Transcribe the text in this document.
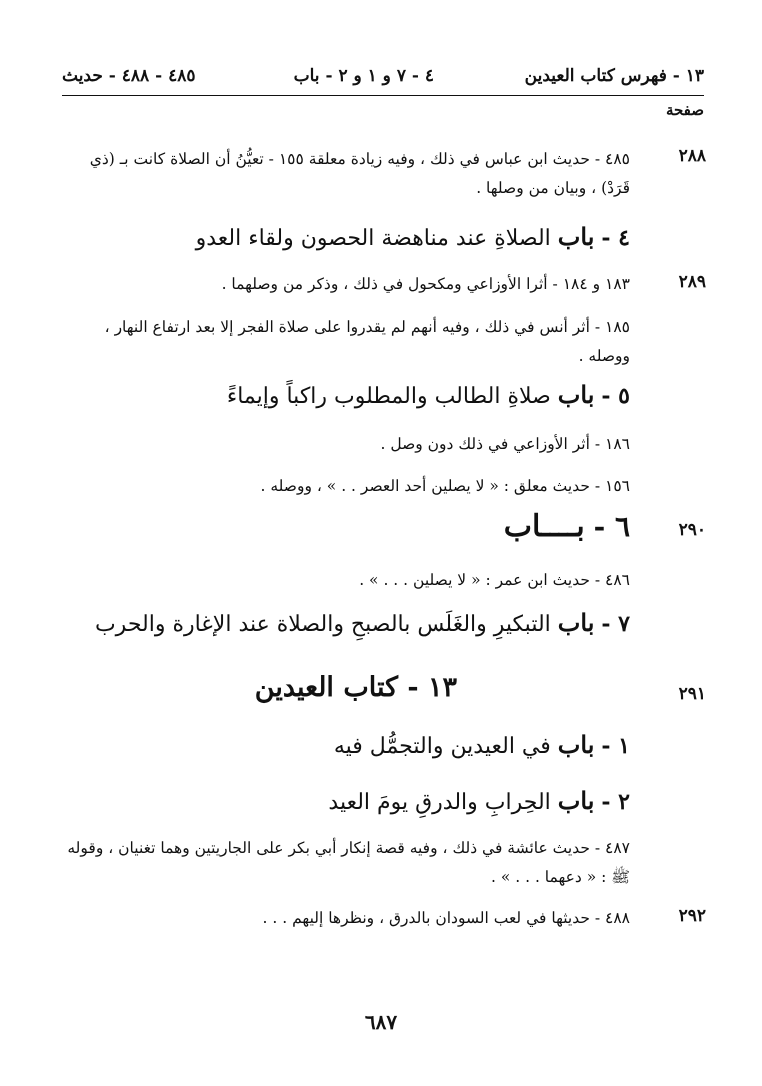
١٣ - فهرس كتاب العيدين
٤ - ٧ و ١ و ٢ - باب
٤٨٥ - ٤٨٨ - حديث
صفحة
٢٨٨
٤٨٥ - حديث ابن عباس في ذلك ، وفيه زيادة معلقة ١٥٥ - تعيُّنُ أن الصلاة كانت بـ (ذي قَرَدْ) ، وبيان من وصلها .
٤ - باب الصلاةِ عند مناهضة الحصون ولقاء العدو
٢٨٩
١٨٣ و ١٨٤ - أثرا الأوزاعي ومكحول في ذلك ، وذكر من وصلهما .
١٨٥ - أثر أنس في ذلك ، وفيه أنهم لم يقدروا على صلاة الفجر إلا بعد ارتفاع النهار ، ووصله .
٥ - باب صلاةِ الطالب والمطلوب راكباً وإيماءً
١٨٦ - أثر الأوزاعي في ذلك دون وصل .
١٥٦ - حديث معلق : « لا يصلين أحد العصر . . » ، ووصله .
٢٩٠
٦ - بــــاب
٤٨٦ - حديث ابن عمر : « لا يصلين . . . » .
٧ - باب التبكيرِ والغَلَس بالصبحِ والصلاة عند الإغارة والحرب
٢٩١
١٣ - كتاب العيدين
١ - باب في العيدين والتجمُّل فيه
٢ - باب الحِرابِ والدرقِ يومَ العيد
٤٨٧ - حديث عائشة في ذلك ، وفيه قصة إنكار أبي بكر على الجاريتين وهما تغنيان ، وقوله ﷺ : « دعهما . . . » .
٢٩٢
٤٨٨ - حديثها في لعب السودان بالدرق ، ونظرها إليهم . . .
٦٨٧
